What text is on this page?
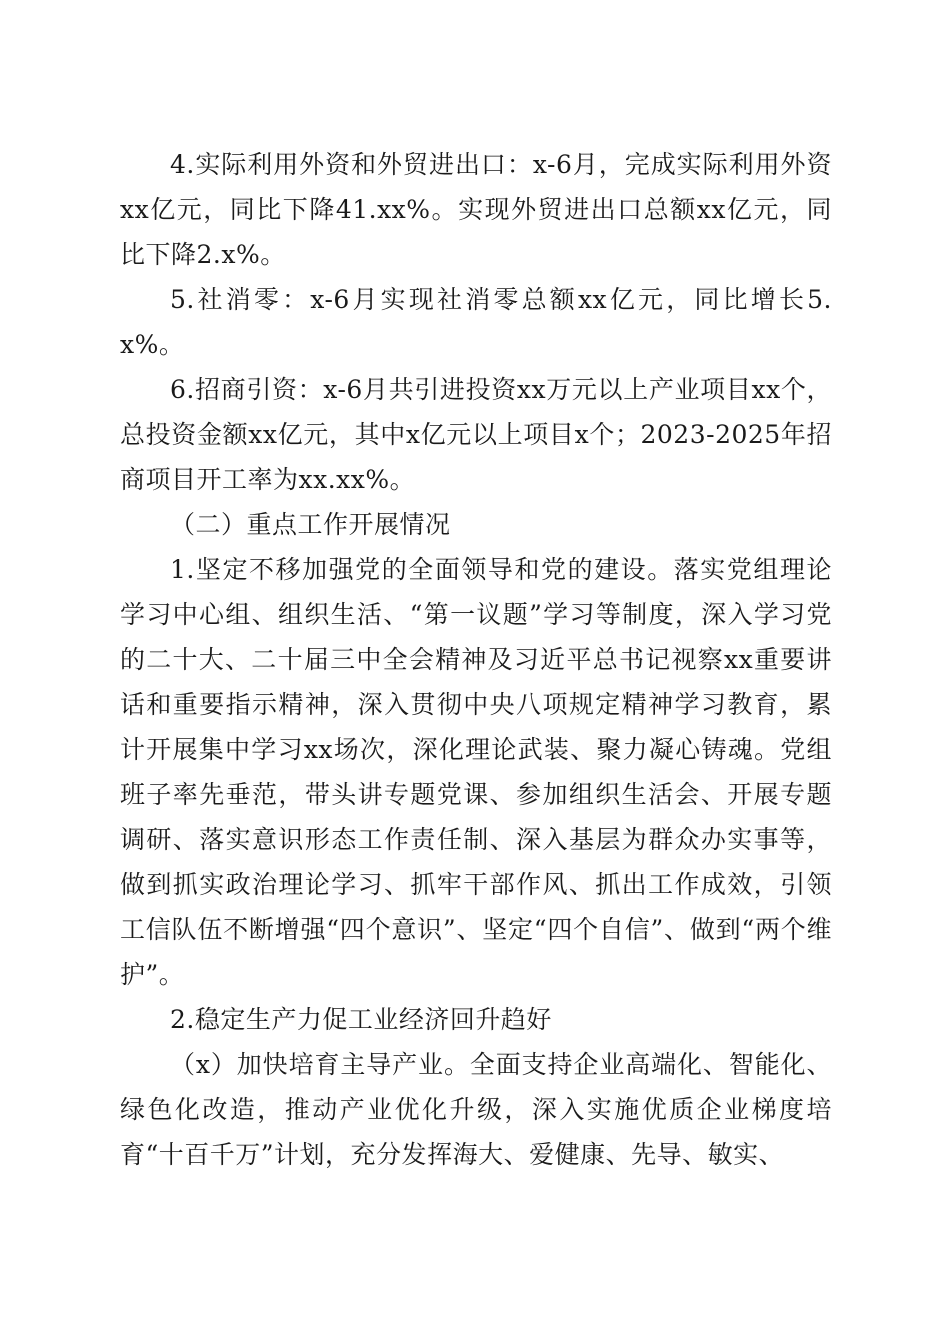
4.实际利用外资和外贸进出口：x-6月，完成实际利用外资xx亿元，同比下降41.xx%。实现外贸进出口总额xx亿元，同比下降2.x%。

5.社消零：x-6月实现社消零总额xx亿元，同比增长5.x%。

6.招商引资：x-6月共引进投资xx万元以上产业项目xx个，总投资金额xx亿元，其中x亿元以上项目x个；2023-2025年招商项目开工率为xx.xx%。

（二）重点工作开展情况

1.坚定不移加强党的全面领导和党的建设。落实党组理论学习中心组、组织生活、“第一议题”学习等制度，深入学习党的二十大、二十届三中全会精神及习近平总书记视察xx重要讲话和重要指示精神，深入贯彻中央八项规定精神学习教育，累计开展集中学习xx场次，深化理论武装、聚力凝心铸魂。党组班子率先垂范，带头讲专题党课、参加组织生活会、开展专题调研、落实意识形态工作责任制、深入基层为群众办实事等，做到抓实政治理论学习、抓牢干部作风、抓出工作成效，引领工信队伍不断增强“四个意识”、坚定“四个自信”、做到“两个维护”。

2.稳定生产力促工业经济回升趋好

（x）加快培育主导产业。全面支持企业高端化、智能化、绿色化改造，推动产业优化升级，深入实施优质企业梯度培育“十百千万”计划，充分发挥海大、爱健康、先导、敏实、
